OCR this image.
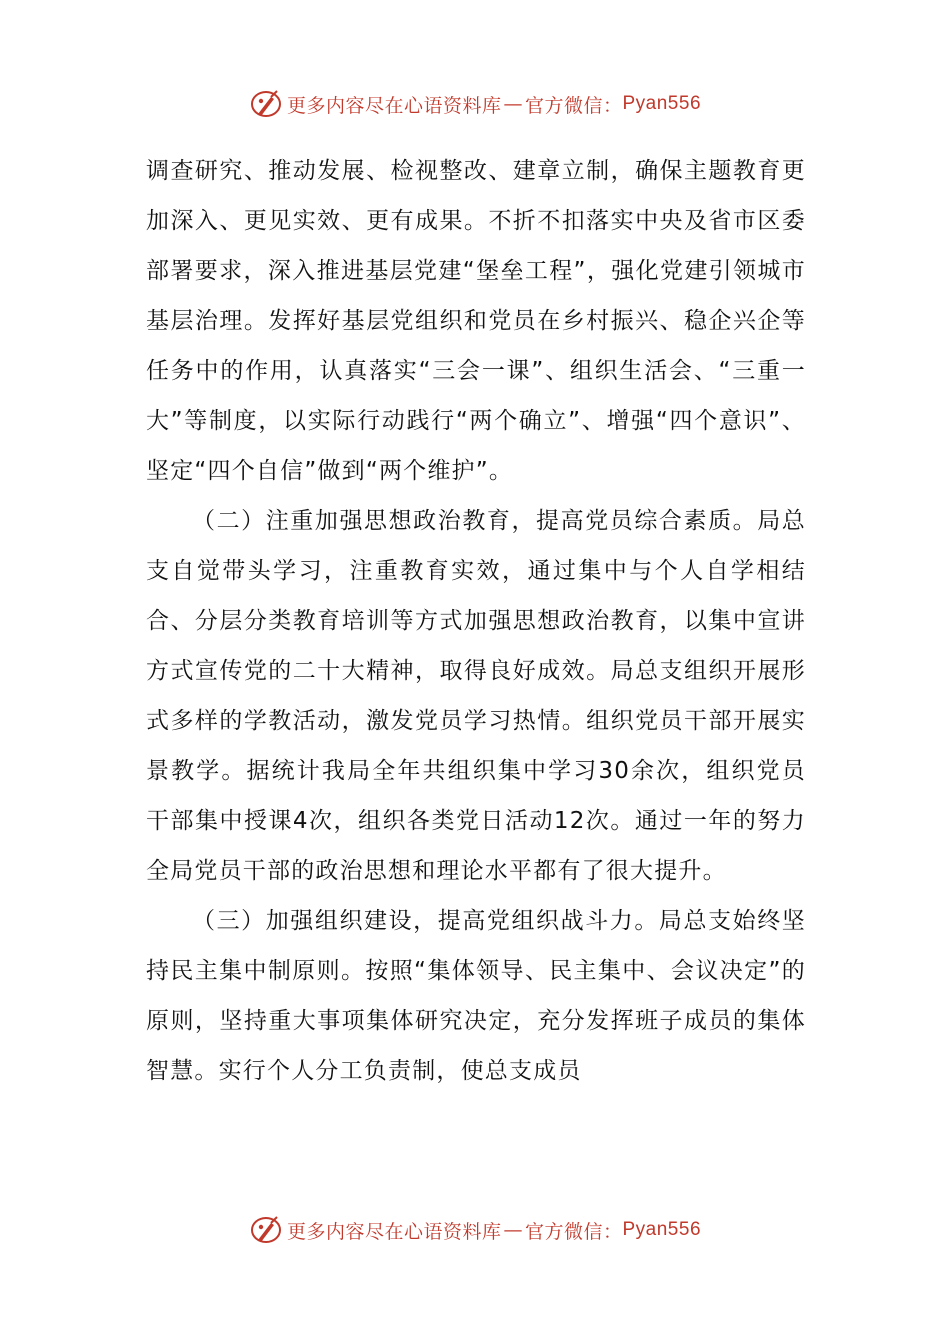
更多内容尽在心语资料库 — 官方微信： Pyan556

调查研究、推动发展、检视整改、建章立制，确保主题教育更加深入、更见实效、更有成果。不折不扣落实中央及省市区委部署要求，深入推进基层党建“堡垒工程”，强化党建引领城市基层治理。发挥好基层党组织和党员在乡村振兴、稳企兴企等任务中的作用，认真落实“三会一课”、组织生活会、“三重一大”等制度，以实际行动践行“两个确立”、增强“四个意识”、坚定“四个自信”做到“两个维护”。

（二）注重加强思想政治教育，提高党员综合素质。局总支自觉带头学习，注重教育实效，通过集中与个人自学相结合、分层分类教育培训等方式加强思想政治教育，以集中宣讲方式宣传党的二十大精神，取得良好成效。局总支组织开展形式多样的学教活动，激发党员学习热情。组织党员干部开展实景教学。据统计我局全年共组织集中学习30余次，组织党员干部集中授课4次，组织各类党日活动12次。通过一年的努力全局党员干部的政治思想和理论水平都有了很大提升。

（三）加强组织建设，提高党组织战斗力。局总支始终坚持民主集中制原则。按照“集体领导、民主集中、会议决定”的原则，坚持重大事项集体研究决定，充分发挥班子成员的集体智慧。实行个人分工负责制，使总支成员

更多内容尽在心语资料库 — 官方微信： Pyan556
